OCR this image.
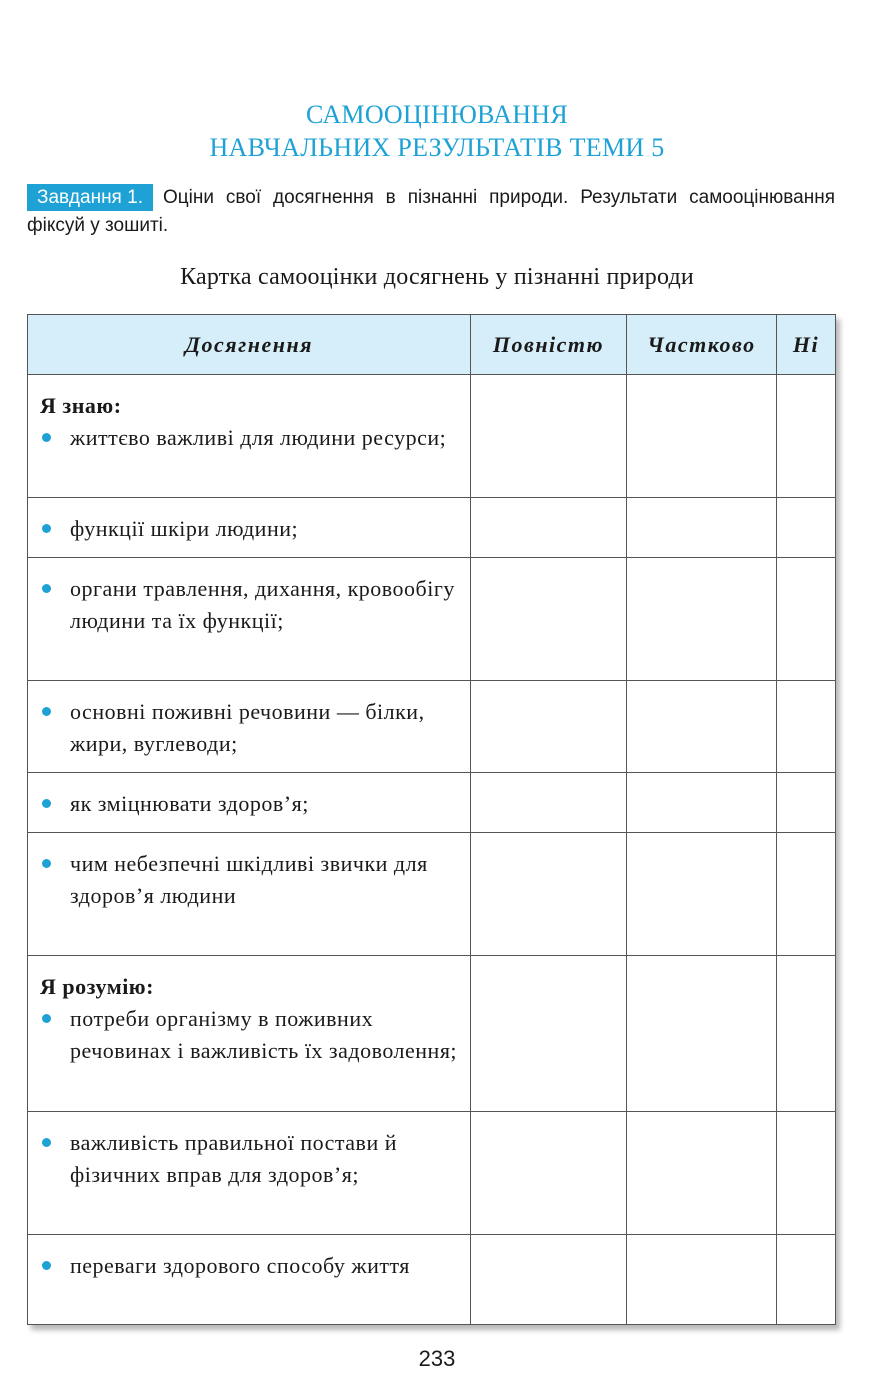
САМООЦІНЮВАННЯ
НАВЧАЛЬНИХ РЕЗУЛЬТАТІВ ТЕМИ 5
Завдання 1. Оціни свої досягнення в пізнанні природи. Результати самооцінювання фіксуй у зошиті.
Картка самооцінки досягнень у пізнанні природи
Досягнення	Повністю	Частково	Ні

Я знаю:
життєво важливі для людини ресурси;			

функції шкіри людини;			

органи травлення, дихання, кровообігу людини та їх функції;			

основні поживні речовини — білки, жири, вуглеводи;			

як зміцнювати здоров’я;			

чим небезпечні шкідливі звички для здоров’я людини			

Я розумію:
потреби організму в поживних речовинах і важливість їх задоволення;			

важливість правильної постави й фізичних вправ для здоров’я;			

переваги здорового способу життя			

233
